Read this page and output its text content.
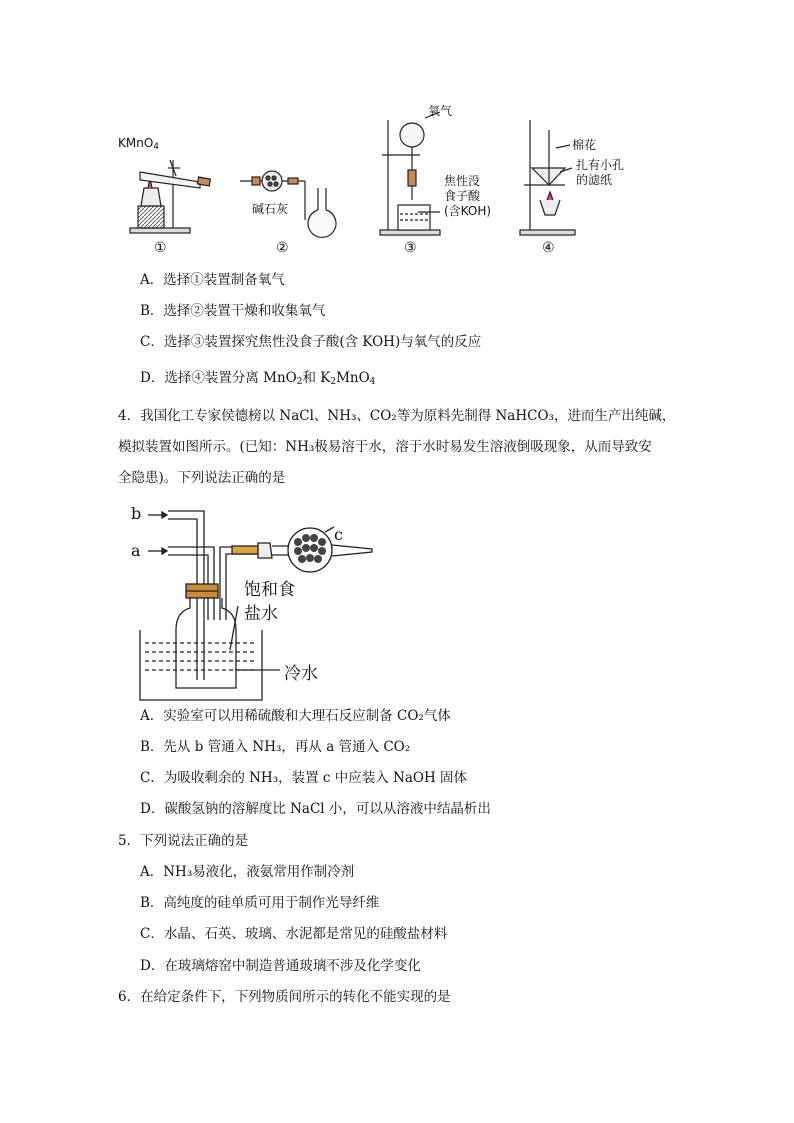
KMnO$_4$
①
碱石灰
②
氧气
焦性没
食子酸
(含KOH)
③
棉花
扎有小孔
的滤纸
④
A．选择①装置制备氧气
B．选择②装置干燥和收集氧气
C．选择③装置探究焦性没食子酸(含 KOH)与氧气的反应
D．选择④装置分离 MnO$_2$和 $K_2MnO_4$
4．我国化工专家侯德榜以 NaCl、NH₃、CO₂等为原料先制得 NaHCO₃，进而生产出纯碱，
模拟装置如图所示。(已知：NH₃极易溶于水，溶于水时易发生溶液倒吸现象，从而导致安
全隐患)。下列说法正确的是
b
a
c
饱和食
盐水
冷水
A．实验室可以用稀硫酸和大理石反应制备 CO₂气体
B．先从 b 管通入 NH₃，再从 a 管通入 CO₂
C．为吸收剩余的 NH₃，装置 c 中应装入 NaOH 固体
D．碳酸氢钠的溶解度比 NaCl 小，可以从溶液中结晶析出
5．下列说法正确的是
A．NH₃易液化，液氨常用作制冷剂
B．高纯度的硅单质可用于制作光导纤维
C．水晶、石英、玻璃、水泥都是常见的硅酸盐材料
D．在玻璃熔窑中制造普通玻璃不涉及化学变化
6．在给定条件下，下列物质间所示的转化不能实现的是
